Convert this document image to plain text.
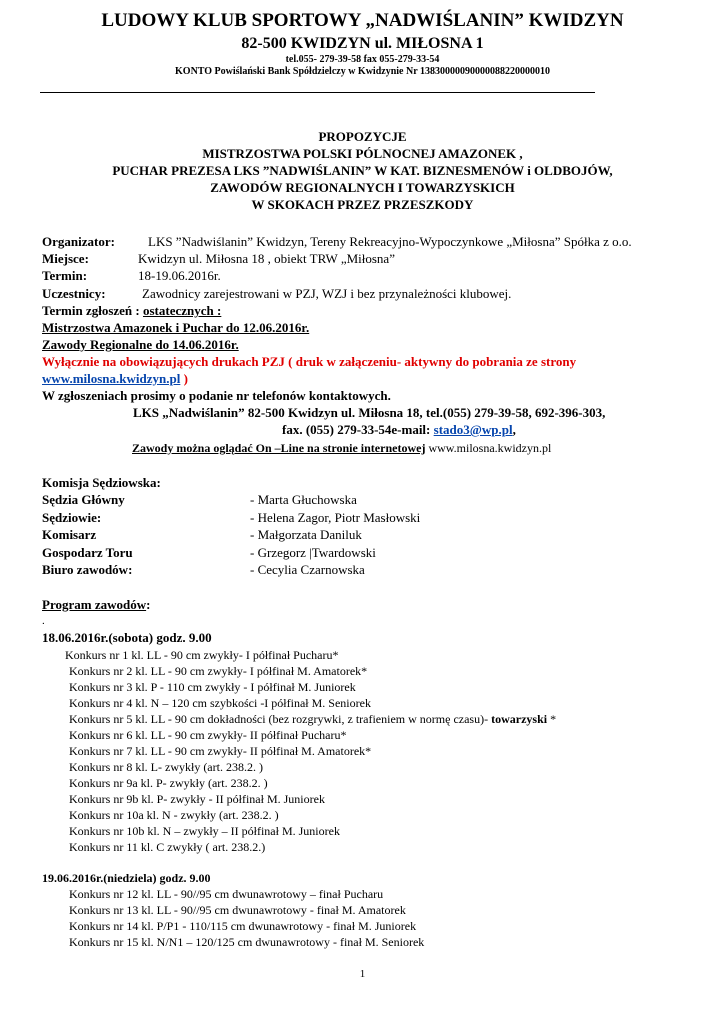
LUDOWY KLUB SPORTOWY „NADWIŚLANIN” KWIDZYN
82-500 KWIDZYN ul. MIŁOSNA 1
tel.055- 279-39-58 fax 055-279-33-54
KONTO Powiślański Bank Spółdzielczy w Kwidzynie Nr 13830000090000088220000010
PROPOZYCJE
MISTRZOSTWA POLSKI PÓLNOCNEJ AMAZONEK ,
PUCHAR PREZESA LKS ”NADWIŚLANIN” W KAT. BIZNESMENÓW i OLDBOJÓW,
ZAWODÓW REGIONALNYCH I TOWARZYSKICH
W SKOKACH PRZEZ PRZESZKODY
Organizator:	LKS ”Nadwiślanin” Kwidzyn, Tereny Rekreacyjno-Wypoczynkowe „Miłosna” Spółka z o.o.
Miejsce:	Kwidzyn ul. Miłosna 18 , obiekt TRW „Miłosna”
Termin:	18-19.06.2016r.
Uczestnicy:	Zawodnicy zarejestrowani w PZJ, WZJ i bez przynależności klubowej.
Termin zgłoszeń : ostatecznych :
Mistrzostwa Amazonek i Puchar do 12.06.2016r.
Zawody Regionalne do 14.06.2016r.
Wyłącznie na obowiązujących drukach PZJ ( druk w załączeniu- aktywny do pobrania ze strony
www.milosna.kwidzyn.pl )
W zgłoszeniach prosimy o podanie nr telefonów kontaktowych.
LKS „Nadwiślanin” 82-500 Kwidzyn ul. Miłosna 18, tel.(055) 279-39-58, 692-396-303,
fax. (055) 279-33-54e-mail: stado3@wp.pl,
Zawody można oglądać On –Line na stronie internetowej www.milosna.kwidzyn.pl
Komisja Sędziowska:
Sędzia Główny	- Marta Głuchowska
Sędziowie:	- Helena Zagor, Piotr Masłowski
Komisarz	- Małgorzata Daniluk
Gospodarz Toru	- Grzegorz |Twardowski
Biuro zawodów:	- Cecylia Czarnowska
Program zawodów:
.
18.06.2016r.(sobota) godz. 9.00
Konkurs nr 1 kl. LL - 90 cm zwykły- I półfinał Pucharu*
Konkurs nr 2 kl. LL - 90 cm zwykły- I półfinał M. Amatorek*
Konkurs nr 3 kl. P - 110 cm zwykły - I półfinał M. Juniorek
Konkurs nr 4 kl. N – 120 cm szybkości -I półfinał M. Seniorek
Konkurs nr 5 kl. LL - 90 cm dokładności (bez rozgrywki, z trafieniem w normę czasu)- towarzyski *
Konkurs nr 6 kl. LL - 90 cm zwykły- II półfinał Pucharu*
Konkurs nr 7 kl. LL - 90 cm zwykły- II półfinał M. Amatorek*
Konkurs nr 8 kl. L- zwykły (art. 238.2. )
Konkurs nr 9a kl. P- zwykły (art. 238.2. )
Konkurs nr 9b kl. P- zwykły - II półfinał M. Juniorek
Konkurs nr 10a kl. N - zwykły (art. 238.2. )
Konkurs nr 10b kl. N – zwykły – II półfinał M. Juniorek
Konkurs nr 11 kl. C zwykły ( art. 238.2.)
19.06.2016r.(niedziela) godz. 9.00
Konkurs nr 12 kl. LL - 90//95 cm dwunawrotowy – finał Pucharu
Konkurs nr 13 kl. LL - 90//95 cm dwunawrotowy - finał M. Amatorek
Konkurs nr 14 kl. P/P1 - 110/115 cm dwunawrotowy - finał M. Juniorek
Konkurs nr 15 kl. N/N1 – 120/125 cm dwunawrotowy - finał M. Seniorek
1
